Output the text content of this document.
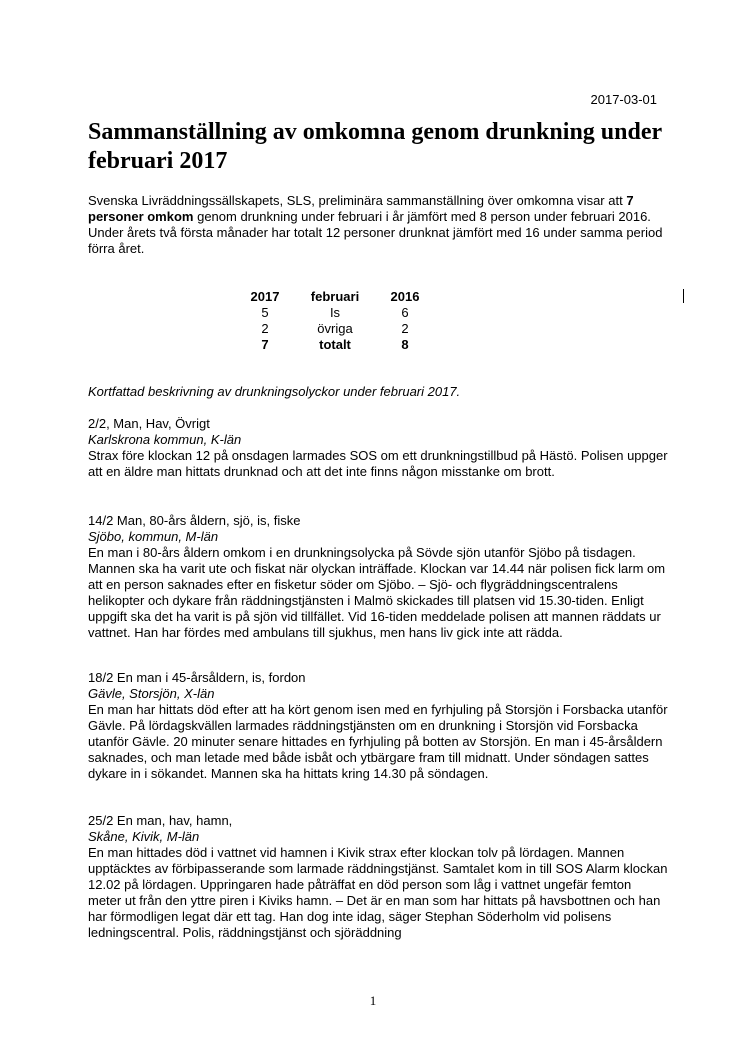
2017-03-01
Sammanställning av omkomna genom drunkning under februari 2017

Svenska Livräddningssällskapets, SLS, preliminära sammanställning över omkomna visar att 7 personer omkom genom drunkning under februari i år jämfört med 8 person under februari 2016. Under årets två första månader har totalt 12 personer drunknat jämfört med 16 under samma period förra året.

2017	februari	2016
5	Is	6
2	övriga	2
7	totalt	8

Kortfattad beskrivning av drunkningsolyckor under februari 2017.

2/2, Man, Hav, Övrigt

Karlskrona kommun, K-län

Strax före klockan 12 på onsdagen larmades SOS om ett drunkningstillbud på Hästö. Polisen uppger att en äldre man hittats drunknad och att det inte finns någon misstanke om brott.

14/2 Man, 80-års åldern, sjö, is, fiske

Sjöbo, kommun, M-län

En man i 80-års åldern omkom i en drunkningsolycka på Sövde sjön utanför Sjöbo på tisdagen. Mannen ska ha varit ute och fiskat när olyckan inträffade. Klockan var 14.44 när polisen fick larm om att en person saknades efter en fisketur söder om Sjöbo. – Sjö- och flygräddningscentralens helikopter och dykare från räddningstjänsten i Malmö skickades till platsen vid 15.30-tiden. Enligt uppgift ska det ha varit is på sjön vid tillfället. Vid 16-tiden meddelade polisen att mannen räddats ur vattnet. Han har fördes med ambulans till sjukhus, men hans liv gick inte att rädda.

18/2 En man i 45-årsåldern, is, fordon

Gävle, Storsjön, X-län

En man har hittats död efter att ha kört genom isen med en fyrhjuling på Storsjön i Forsbacka utanför Gävle. På lördagskvällen larmades räddningstjänsten om en drunkning i Storsjön vid Forsbacka utanför Gävle. 20 minuter senare hittades en fyrhjuling på botten av Storsjön. En man i 45-årsåldern saknades, och man letade med både isbåt och ytbärgare fram till midnatt. Under söndagen sattes dykare in i sökandet. Mannen ska ha hittats kring 14.30 på söndagen.

25/2 En man, hav, hamn,

Skåne, Kivik, M-län

En man hittades död i vattnet vid hamnen i Kivik strax efter klockan tolv på lördagen. Mannen upptäcktes av förbipasserande som larmade räddningstjänst. Samtalet kom in till SOS Alarm klockan 12.02 på lördagen. Uppringaren hade påträffat en död person som låg i vattnet ungefär femton meter ut från den yttre piren i Kiviks hamn. – Det är en man som har hittats på havsbottnen och han har förmodligen legat där ett tag. Han dog inte idag, säger Stephan Söderholm vid polisens ledningscentral. Polis, räddningstjänst och sjöräddning

1
